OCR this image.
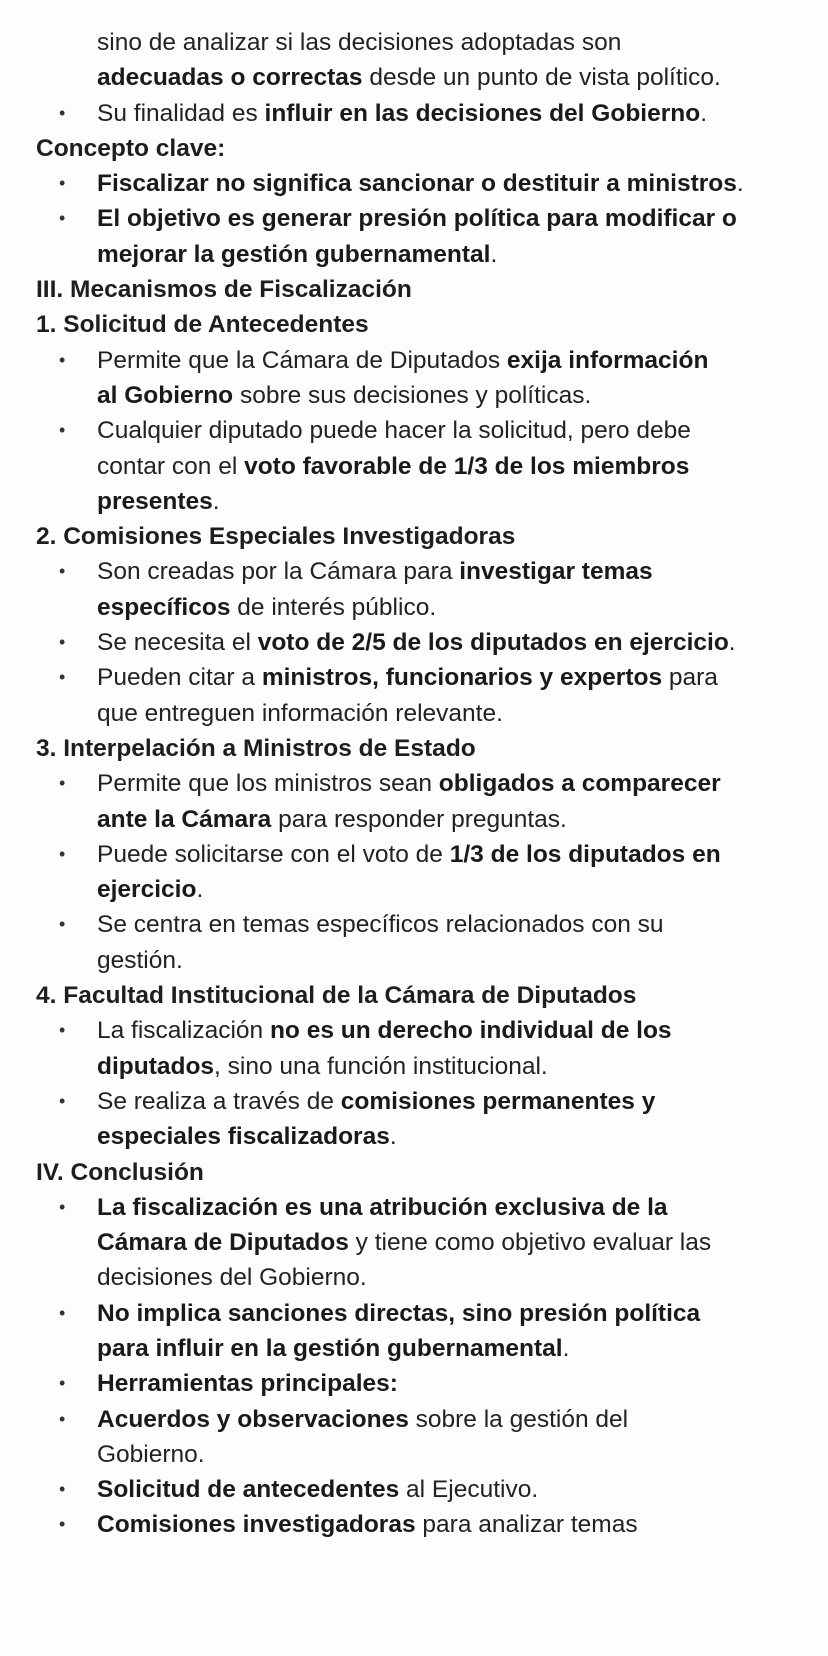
sino de analizar si las decisiones adoptadas son
adecuadas o correctas desde un punto de vista político.
• Su finalidad es influir en las decisiones del Gobierno.
Concepto clave:
• Fiscalizar no significa sancionar o destituir a ministros.
• El objetivo es generar presión política para modificar o
mejorar la gestión gubernamental.
III. Mecanismos de Fiscalización
1. Solicitud de Antecedentes
• Permite que la Cámara de Diputados exija información
al Gobierno sobre sus decisiones y políticas.
• Cualquier diputado puede hacer la solicitud, pero debe
contar con el voto favorable de 1/3 de los miembros
presentes.
2. Comisiones Especiales Investigadoras
• Son creadas por la Cámara para investigar temas
específicos de interés público.
• Se necesita el voto de 2/5 de los diputados en ejercicio.
• Pueden citar a ministros, funcionarios y expertos para
que entreguen información relevante.
3. Interpelación a Ministros de Estado
• Permite que los ministros sean obligados a comparecer
ante la Cámara para responder preguntas.
• Puede solicitarse con el voto de 1/3 de los diputados en
ejercicio.
• Se centra en temas específicos relacionados con su
gestión.
4. Facultad Institucional de la Cámara de Diputados
• La fiscalización no es un derecho individual de los
diputados, sino una función institucional.
• Se realiza a través de comisiones permanentes y
especiales fiscalizadoras.
IV. Conclusión
• La fiscalización es una atribución exclusiva de la
Cámara de Diputados y tiene como objetivo evaluar las
decisiones del Gobierno.
• No implica sanciones directas, sino presión política
para influir en la gestión gubernamental.
• Herramientas principales:
• Acuerdos y observaciones sobre la gestión del
Gobierno.
• Solicitud de antecedentes al Ejecutivo.
• Comisiones investigadoras para analizar temas
